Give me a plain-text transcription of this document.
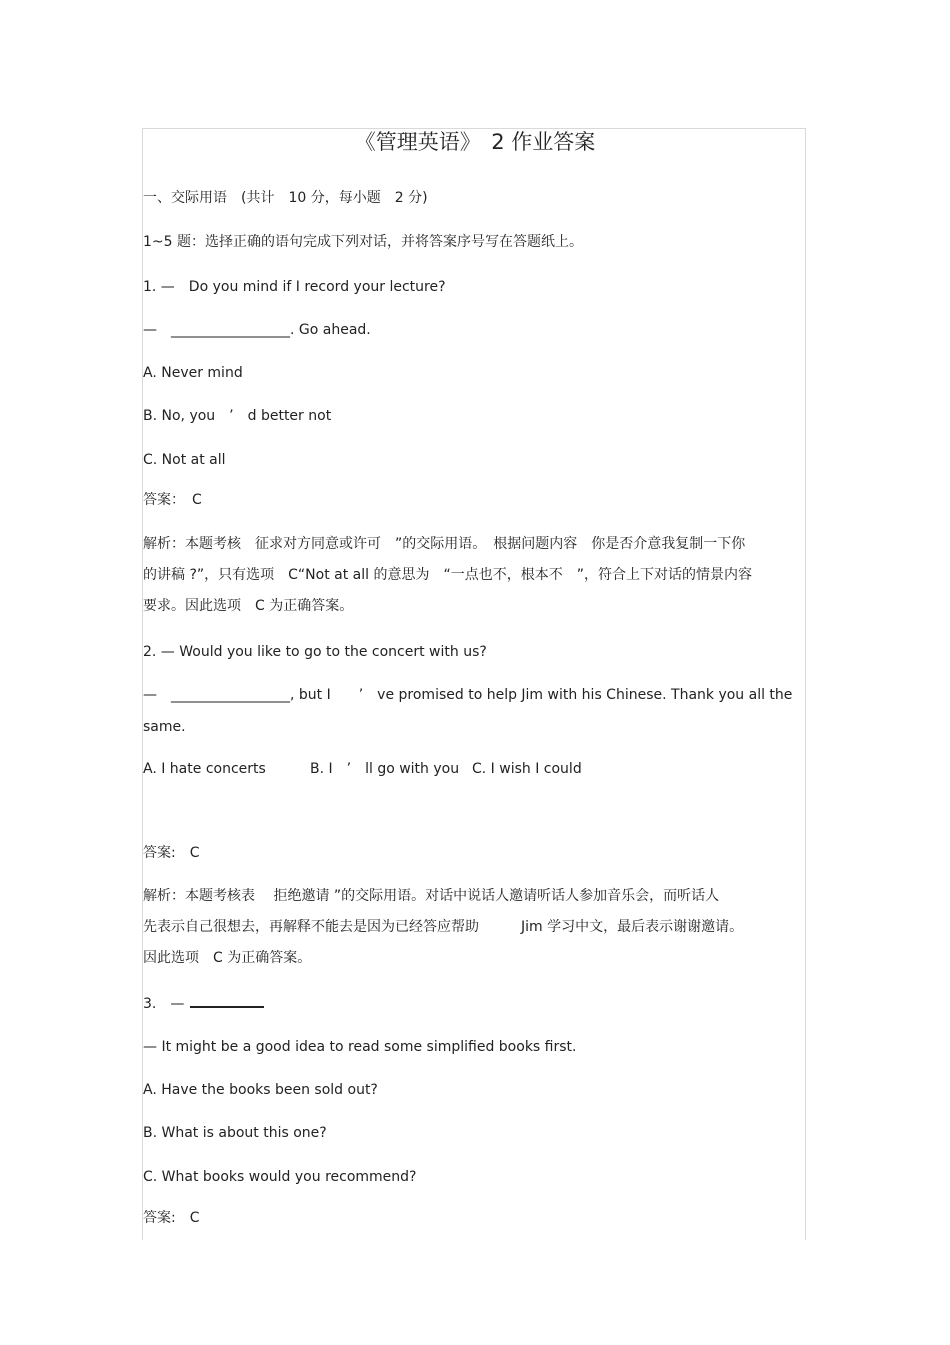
《管理英语》　2 作业答案
一、交际用语　(共计　10 分，每小题　2 分)
1~5 题：选择正确的语句完成下列对话，并将答案序号写在答题纸上。
1. —　Do you mind if I record your lecture?
—　_________________. Go ahead.
A. Never mind
B. No, you　’　d better not
C. Not at all
答案：　C
解析：本题考核　征求对方同意或许可　”的交际用语。　根据问题内容　你是否介意我复制一下你
的讲稿 ?”，只有选项　C“Not at all 的意思为　“一点也不，根本不　”，符合上下对话的情景内容
要求。因此选项　C 为正确答案。
2. — Would you like to go to the concert with us?
—　_________________, but I　　’　ve promised to help Jim with his Chinese. Thank you all the
same.
A. I hate concerts	B. I　’　ll go with you C. I wish I could
答案:　C
解析：本题考核表　 拒绝邀请 ”的交际用语。对话中说话人邀请听话人参加音乐会，而听话人
先表示自己很想去，再解释不能去是因为已经答应帮助　　　Jim 学习中文，最后表示谢谢邀请。
因此选项　C 为正确答案。
3.　—
— It might be a good idea to read some simplified books first.
A. Have the books been sold out?
B. What is about this one?
C. What books would you recommend?
答案:　C
